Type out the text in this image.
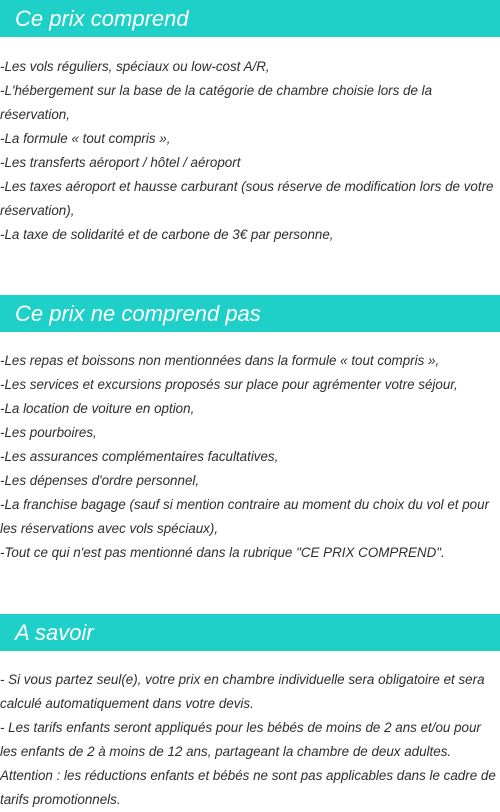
Ce prix comprend
-Les vols réguliers, spéciaux ou low-cost A/R,
-L'hébergement sur la base de la catégorie de chambre choisie lors de la réservation,
-La formule « tout compris »,
-Les transferts aéroport / hôtel / aéroport
-Les taxes aéroport et hausse carburant (sous réserve de modification lors de votre réservation),
-La taxe de solidarité et de carbone de 3€ par personne,
Ce prix ne comprend pas
-Les repas et boissons non mentionnées dans la formule « tout compris »,
-Les services et excursions proposés sur place pour agrémenter votre séjour,
-La location de voiture en option,
-Les pourboires,
-Les assurances complémentaires facultatives,
-Les dépenses d'ordre personnel,
-La franchise bagage (sauf si mention contraire au moment du choix du vol et pour les réservations avec vols spéciaux),
-Tout ce qui n'est pas mentionné dans la rubrique "CE PRIX COMPREND".
A savoir
- Si vous partez seul(e), votre prix en chambre individuelle sera obligatoire et sera calculé automatiquement dans votre devis.
- Les tarifs enfants seront appliqués pour les bébés de moins de 2 ans et/ou pour les enfants de 2 à moins de 12 ans, partageant la chambre de deux adultes.
Attention : les réductions enfants et bébés ne sont pas applicables dans le cadre de tarifs promotionnels.
